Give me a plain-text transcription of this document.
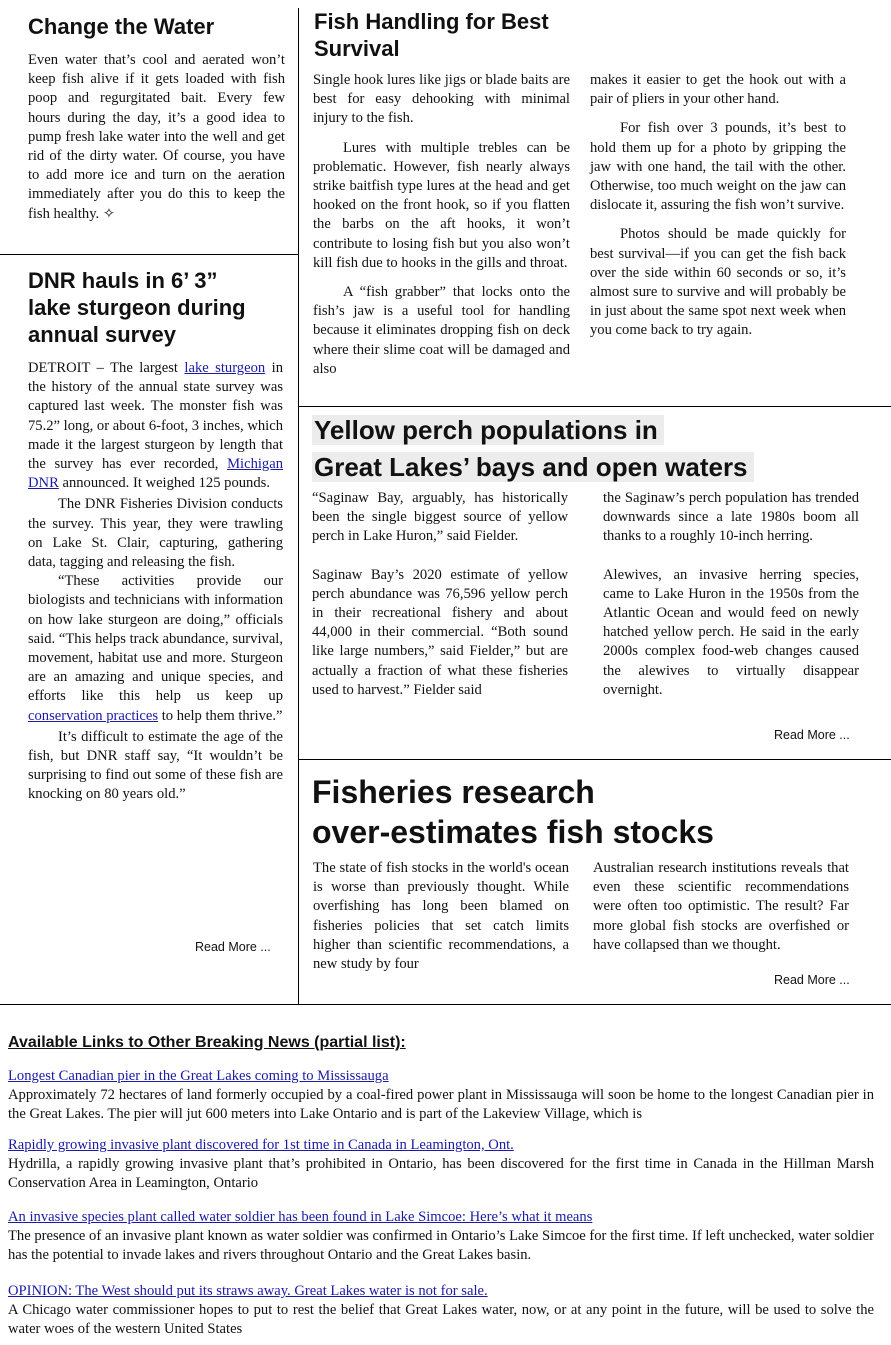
Change the Water
Even water that’s cool and aerated won’t keep fish alive if it gets loaded with fish poop and regurgitated bait. Every few hours during the day, it’s a good idea to pump fresh lake water into the well and get rid of the dirty water. Of course, you have to add more ice and turn on the aeration immediately after you do this to keep the fish healthy. ✧
DNR hauls in 6’ 3”
lake sturgeon during
annual survey

DETROIT – The largest lake sturgeon in the history of the annual state survey was captured last week. The monster fish was 75.2” long, or about 6-foot, 3 inches, which made it the largest sturgeon by length that the survey has ever recorded, Michigan DNR announced. It weighed 125 pounds.

The DNR Fisheries Division conducts the survey. This year, they were trawling on Lake St. Clair, capturing, gathering data, tagging and releasing the fish.

“These activities provide our biologists and technicians with information on how lake sturgeon are doing,” officials said. “This helps track abundance, survival, movement, habitat use and more. Sturgeon are an amazing and unique species, and efforts like this help us keep up conservation practices to help them thrive.”

It’s difficult to estimate the age of the fish, but DNR staff say, “It wouldn’t be surprising to find out some of these fish are knocking on 80 years old.”

Read More ...
Fish Handling for Best
Survival

Single hook lures like jigs or blade baits are best for easy dehooking with minimal injury to the fish.

Lures with multiple trebles can be problematic. However, fish nearly always strike baitfish type lures at the head and get hooked on the front hook, so if you flatten the barbs on the aft hooks, it won’t contribute to losing fish but you also won’t kill fish due to hooks in the gills and throat.

A “fish grabber” that locks onto the fish’s jaw is a useful tool for handling because it eliminates dropping fish on deck where their slime coat will be damaged and also

makes it easier to get the hook out with a pair of pliers in your other hand.

For fish over 3 pounds, it’s best to hold them up for a photo by gripping the jaw with one hand, the tail with the other. Otherwise, too much weight on the jaw can dislocate it, assuring the fish won’t survive.

Photos should be made quickly for best survival—if you can get the fish back over the side within 60 seconds or so, it’s almost sure to survive and will probably be in just about the same spot next week when you come back to try again.

Yellow perch populations in
Great Lakes’ bays and open waters

“Saginaw Bay, arguably, has historically been the single biggest source of yellow perch in Lake Huron,” said Fielder.

Saginaw Bay’s 2020 estimate of yellow perch abundance was 76,596 yellow perch in their recreational fishery and about 44,000 in their commercial. “Both sound like large numbers,” said Fielder,” but are actually a fraction of what these fisheries used to harvest.” Fielder said

the Saginaw’s perch population has trended downwards since a late 1980s boom all thanks to a roughly 10-inch herring.

Alewives, an invasive herring species, came to Lake Huron in the 1950s from the Atlantic Ocean and would feed on newly hatched yellow perch. He said in the early 2000s complex food-web changes caused the alewives to virtually disappear overnight.

Read More ...
Fisheries research
over-estimates fish stocks
The state of fish stocks in the world's ocean is worse than previously thought. While overfishing has long been blamed on fisheries policies that set catch limits higher than scientific recommendations, a new study by four
Australian research institutions reveals that even these scientific recommendations were often too optimistic. The result? Far more global fish stocks are overfished or have collapsed than we thought.
Read More ...
Available Links to Other Breaking News (partial list):
Longest Canadian pier in the Great Lakes coming to Mississauga
Approximately 72 hectares of land formerly occupied by a coal-fired power plant in Mississauga will soon be home to the longest Canadian pier in the Great Lakes. The pier will jut 600 meters into Lake Ontario and is part of the Lakeview Village, which is
Rapidly growing invasive plant discovered for 1st time in Canada in Leamington, Ont.
Hydrilla, a rapidly growing invasive plant that’s prohibited in Ontario, has been discovered for the first time in Canada in the Hillman Marsh Conservation Area in Leamington, Ontario
An invasive species plant called water soldier has been found in Lake Simcoe: Here’s what it means
The presence of an invasive plant known as water soldier was confirmed in Ontario’s Lake Simcoe for the first time. If left unchecked, water soldier has the potential to invade lakes and rivers throughout Ontario and the Great Lakes basin.
OPINION: The West should put its straws away. Great Lakes water is not for sale.
A Chicago water commissioner hopes to put to rest the belief that Great Lakes water, now, or at any point in the future, will be used to solve the water woes of the western United States
